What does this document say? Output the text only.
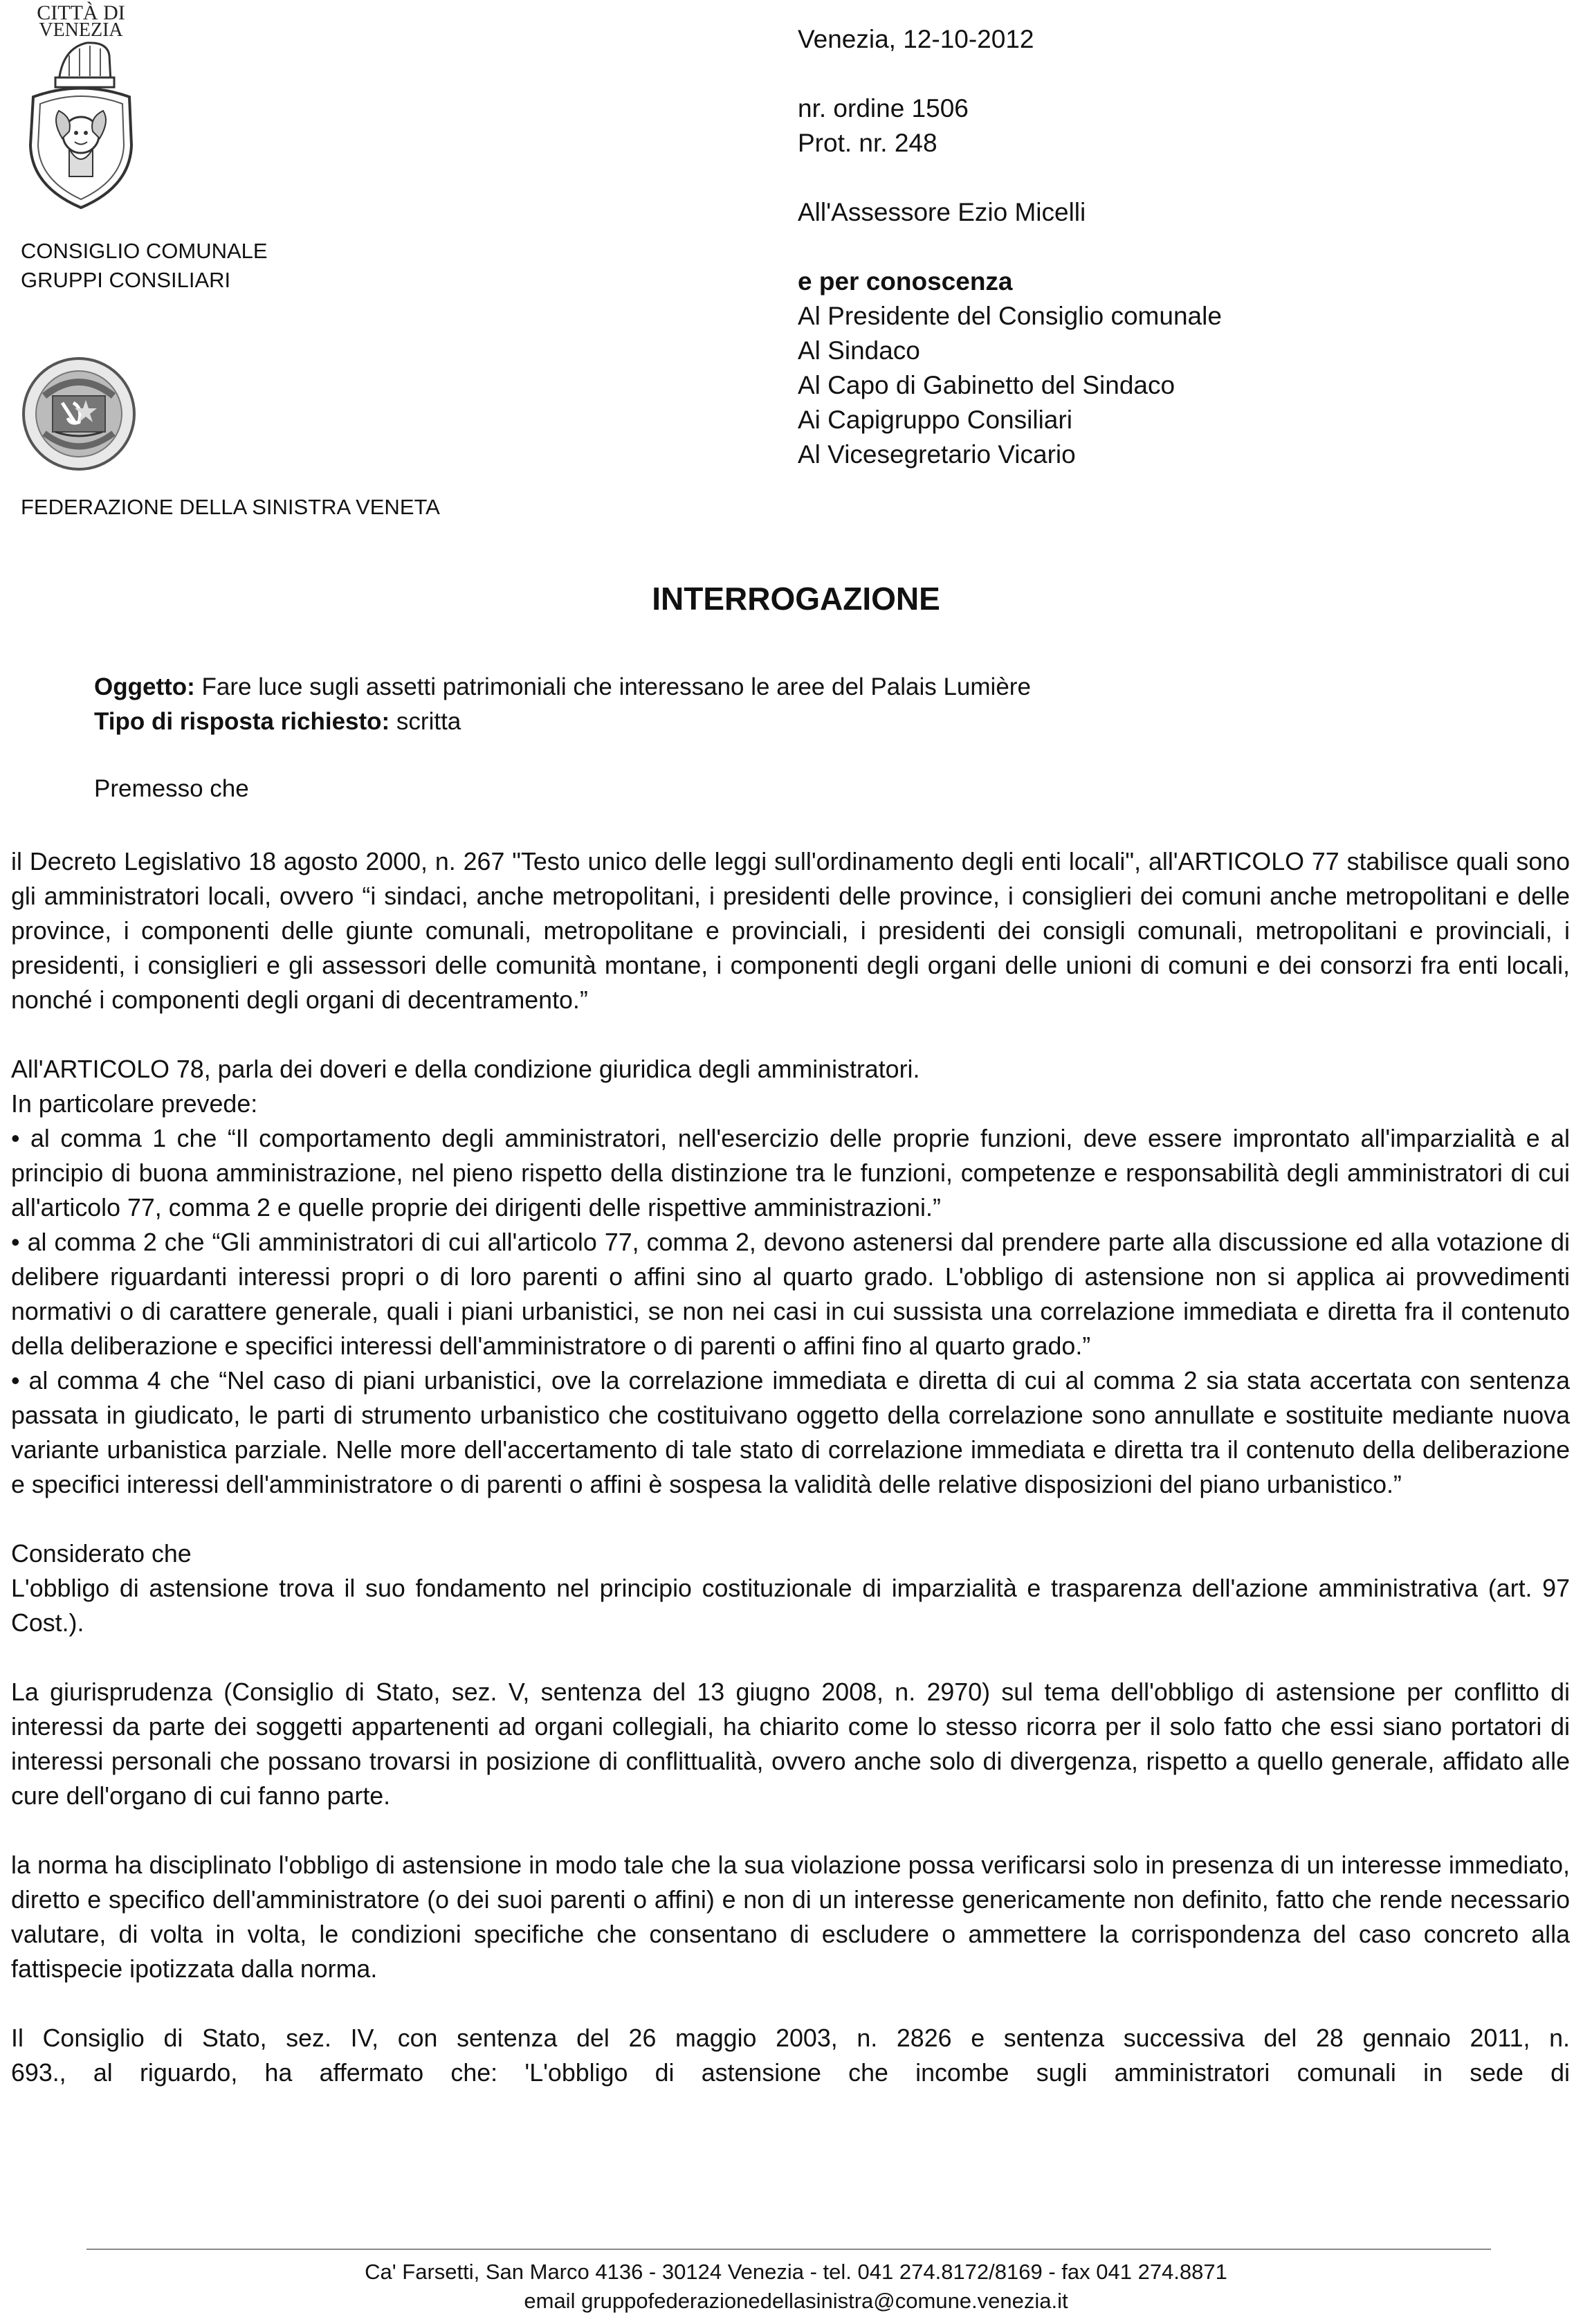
CITTÀ DI
VENEZIA
CONSIGLIO COMUNALE
GRUPPI CONSILIARI
FEDERAZIONE DELLA SINISTRA VENETA
Venezia, 12-10-2012
nr. ordine 1506
Prot. nr. 248
All'Assessore Ezio Micelli
e per conoscenza
Al Presidente del Consiglio comunale
Al Sindaco
Al Capo di Gabinetto del Sindaco
Ai Capigruppo Consiliari
Al Vicesegretario Vicario
INTERROGAZIONE
Oggetto: Fare luce sugli assetti patrimoniali che interessano le aree del Palais Lumière
Tipo di risposta richiesto: scritta
Premesso che
il Decreto Legislativo 18 agosto 2000, n. 267 "Testo unico delle leggi sull'ordinamento degli enti locali", all'ARTICOLO 77 stabilisce quali sono gli amministratori locali, ovvero “i sindaci, anche metropolitani, i presidenti delle province, i consiglieri dei comuni anche metropolitani e delle province, i componenti delle giunte comunali, metropolitane e provinciali, i presidenti dei consigli comunali, metropolitani e provinciali, i presidenti, i consiglieri e gli assessori delle comunità montane, i componenti degli organi delle unioni di comuni e dei consorzi fra enti locali, nonché i componenti degli organi di decentramento.”
All'ARTICOLO 78, parla dei doveri e della condizione giuridica degli amministratori.
In particolare prevede:
• al comma 1 che “Il comportamento degli amministratori, nell'esercizio delle proprie funzioni, deve essere improntato all'imparzialità e al principio di buona amministrazione, nel pieno rispetto della distinzione tra le funzioni, competenze e responsabilità degli amministratori di cui all'articolo 77, comma 2 e quelle proprie dei dirigenti delle rispettive amministrazioni.”
• al comma 2 che “Gli amministratori di cui all'articolo 77, comma 2, devono astenersi dal prendere parte alla discussione ed alla votazione di delibere riguardanti interessi propri o di loro parenti o affini sino al quarto grado. L'obbligo di astensione non si applica ai provvedimenti normativi o di carattere generale, quali i piani urbanistici, se non nei casi in cui sussista una correlazione immediata e diretta fra il contenuto della deliberazione e specifici interessi dell'amministratore o di parenti o affini fino al quarto grado.”
• al comma 4 che “Nel caso di piani urbanistici, ove la correlazione immediata e diretta di cui al comma 2 sia stata accertata con sentenza passata in giudicato, le parti di strumento urbanistico che costituivano oggetto della correlazione sono annullate e sostituite mediante nuova variante urbanistica parziale. Nelle more dell'accertamento di tale stato di correlazione immediata e diretta tra il contenuto della deliberazione e specifici interessi dell'amministratore o di parenti o affini è sospesa la validità delle relative disposizioni del piano urbanistico.”
Considerato che
L'obbligo di astensione trova il suo fondamento nel principio costituzionale di imparzialità e trasparenza dell'azione amministrativa (art. 97 Cost.).
La giurisprudenza (Consiglio di Stato, sez. V, sentenza del 13 giugno 2008, n. 2970) sul tema dell'obbligo di astensione per conflitto di interessi da parte dei soggetti appartenenti ad organi collegiali, ha chiarito come lo stesso ricorra per il solo fatto che essi siano portatori di interessi personali che possano trovarsi in posizione di conflittualità, ovvero anche solo di divergenza, rispetto a quello generale, affidato alle cure dell'organo di cui fanno parte.
la norma ha disciplinato l'obbligo di astensione in modo tale che la sua violazione possa verificarsi solo in presenza di un interesse immediato, diretto e specifico dell'amministratore (o dei suoi parenti o affini) e non di un interesse genericamente non definito, fatto che rende necessario valutare, di volta in volta, le condizioni specifiche che consentano di escludere o ammettere la corrispondenza del caso concreto alla fattispecie ipotizzata dalla norma.
Il Consiglio di Stato, sez. IV, con sentenza del 26 maggio 2003, n. 2826 e sentenza successiva del 28 gennaio 2011, n.
693., al riguardo, ha affermato che: 'L'obbligo di astensione che incombe sugli amministratori comunali in sede di
Ca' Farsetti, San Marco 4136 - 30124 Venezia - tel. 041 274.8172/8169 - fax 041 274.8871
email gruppofederazionedellasinistra@comune.venezia.it
